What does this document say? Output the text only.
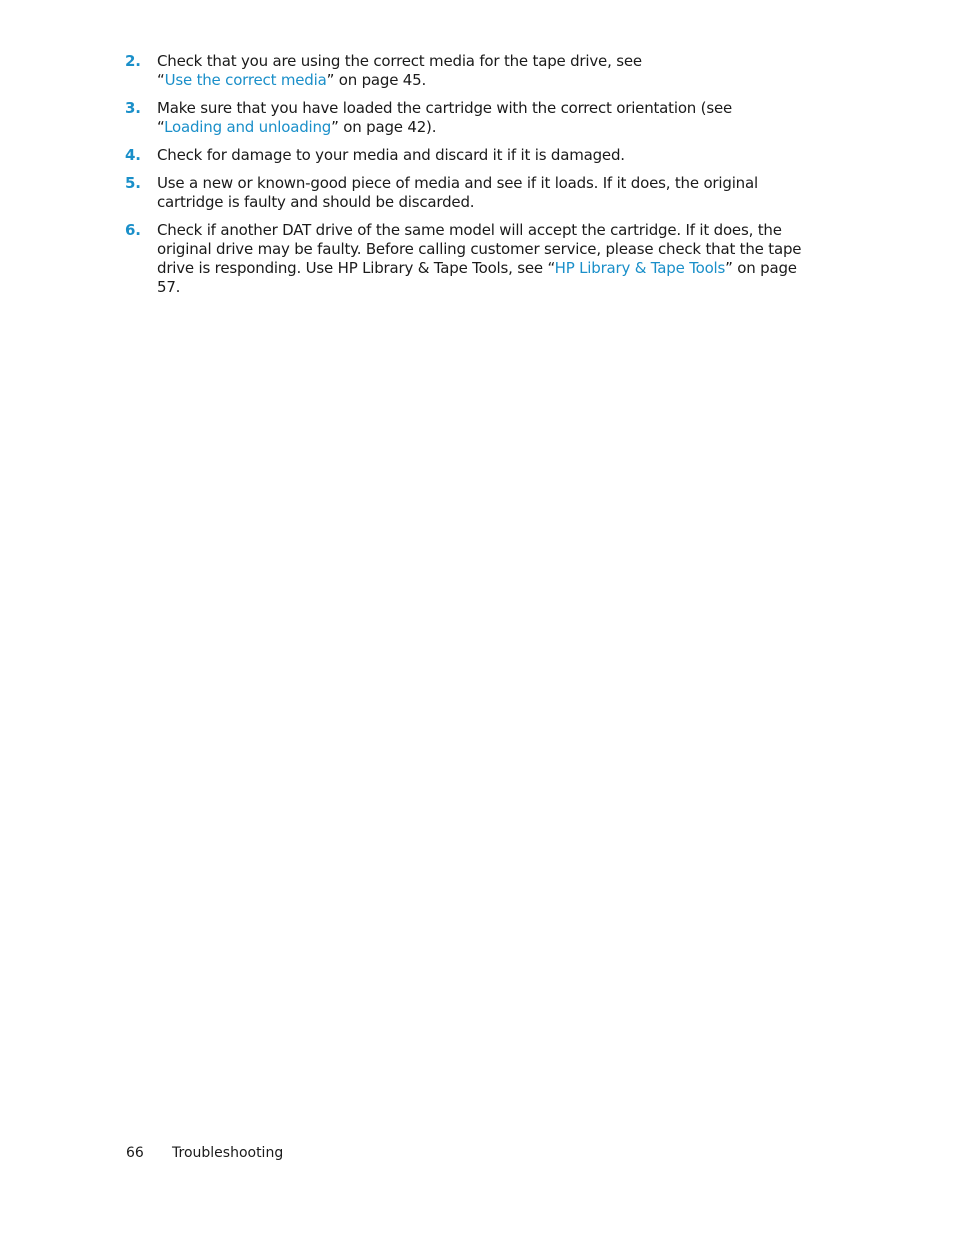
2. Check that you are using the correct media for the tape drive, see
“Use the correct media” on page 45.
3. Make sure that you have loaded the cartridge with the correct orientation (see
“Loading and unloading” on page 42).
4. Check for damage to your media and discard it if it is damaged.
5. Use a new or known-good piece of media and see if it loads. If it does, the original cartridge is faulty and should be discarded.
6. Check if another DAT drive of the same model will accept the cartridge. If it does, the original drive may be faulty. Before calling customer service, please check that the tape drive is responding. Use HP Library & Tape Tools, see “HP Library & Tape Tools” on page 57.
66 Troubleshooting
